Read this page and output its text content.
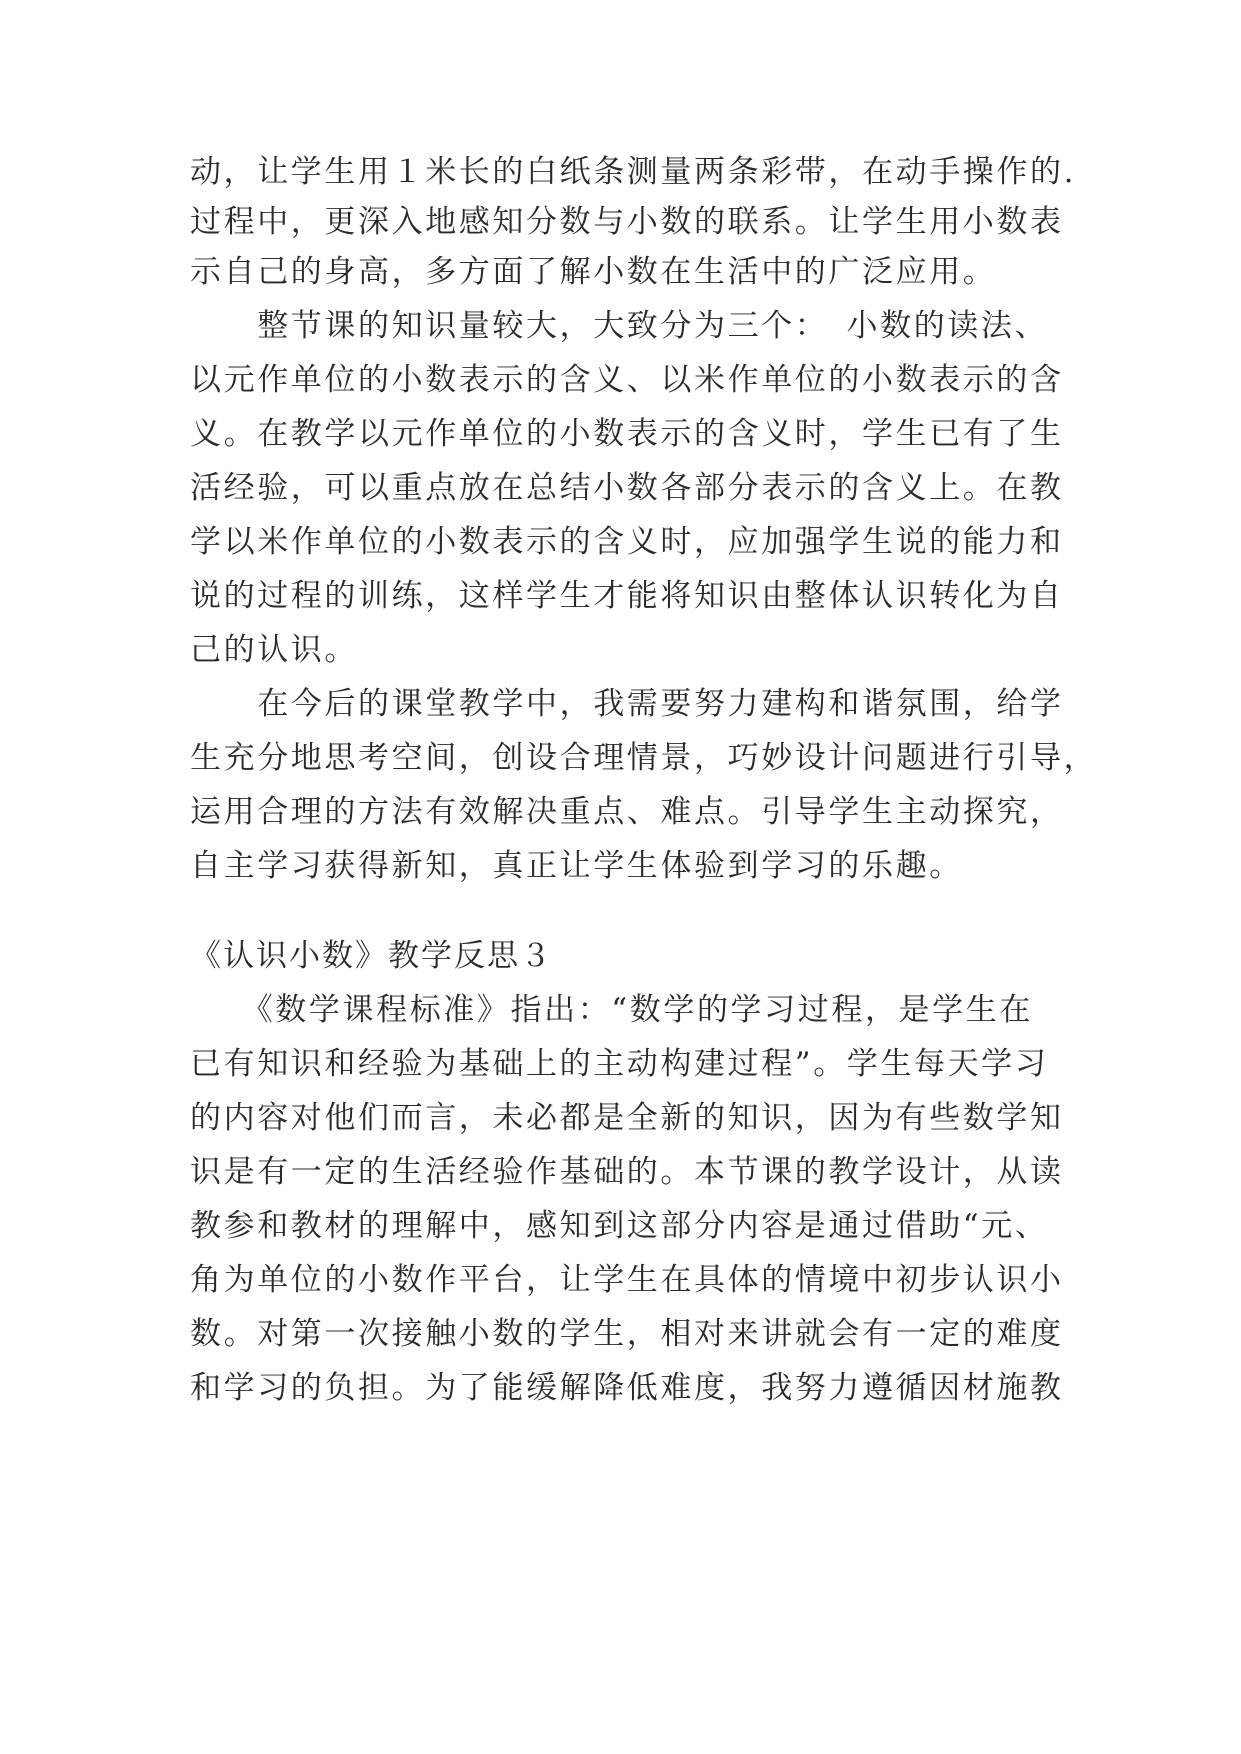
动，让学生用１米长的白纸条测量两条彩带，在动手操作的.
过程中，更深入地感知分数与小数的联系。让学生用小数表
示自己的身高，多方面了解小数在生活中的广泛应用。
　　整节课的知识量较大，大致分为三个：　小数的读法、
以元作单位的小数表示的含义、以米作单位的小数表示的含
义。在教学以元作单位的小数表示的含义时，学生已有了生
活经验，可以重点放在总结小数各部分表示的含义上。在教
学以米作单位的小数表示的含义时，应加强学生说的能力和
说的过程的训练，这样学生才能将知识由整体认识转化为自
己的认识。
　　在今后的课堂教学中，我需要努力建构和谐氛围，给学
生充分地思考空间，创设合理情景，巧妙设计问题进行引导，
运用合理的方法有效解决重点、难点。引导学生主动探究，
自主学习获得新知，真正让学生体验到学习的乐趣。
《认识小数》教学反思３
　　《数学课程标准》指出：“数学的学习过程，是学生在
已有知识和经验为基础上的主动构建过程”。学生每天学习
的内容对他们而言，未必都是全新的知识，因为有些数学知
识是有一定的生活经验作基础的。本节课的教学设计，从读
教参和教材的理解中，感知到这部分内容是通过借助“元、
角为单位的小数作平台，让学生在具体的情境中初步认识小
数。对第一次接触小数的学生，相对来讲就会有一定的难度
和学习的负担。为了能缓解降低难度，我努力遵循因材施教
